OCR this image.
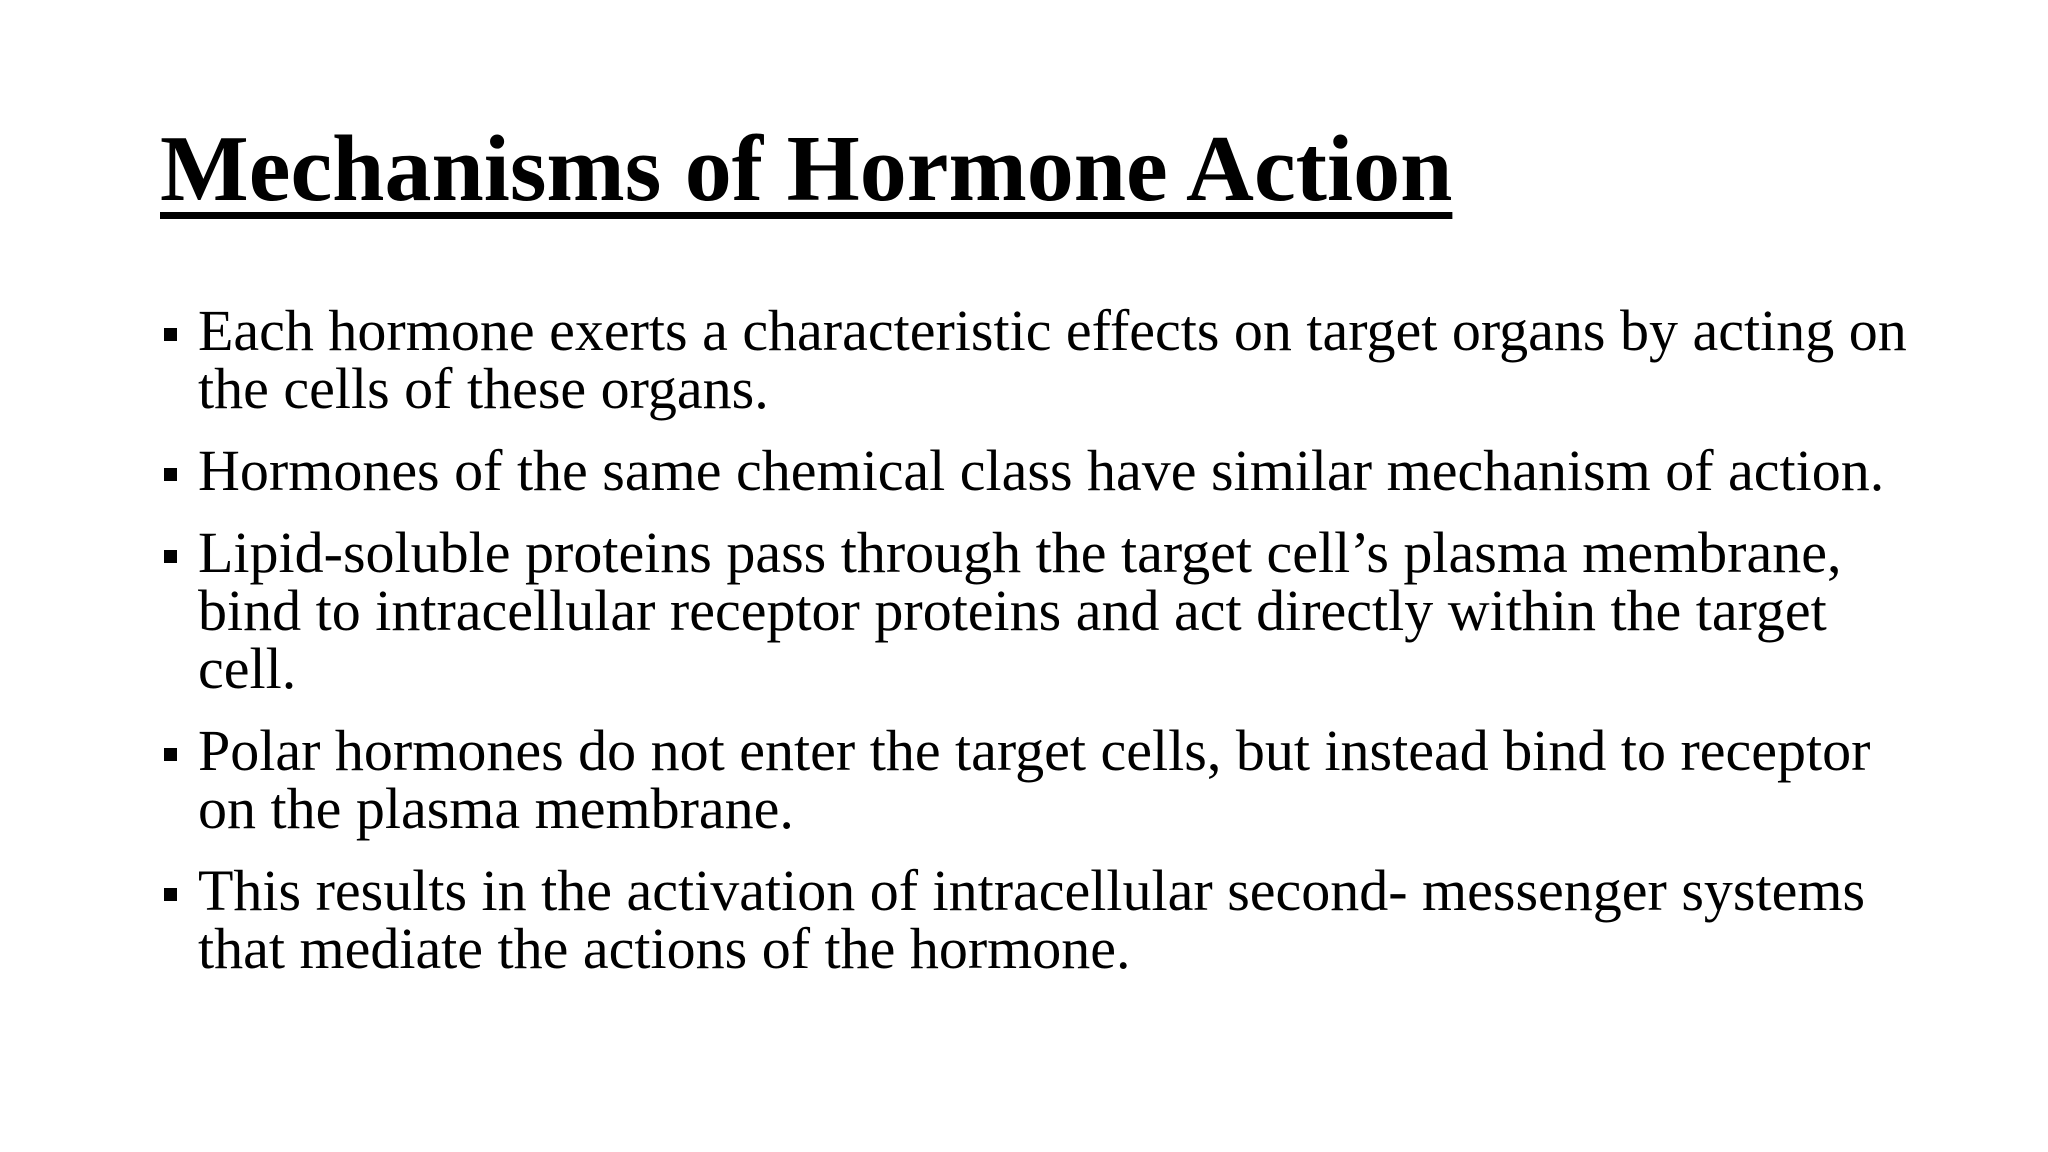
Mechanisms of Hormone Action
Each hormone exerts a characteristic effects on target organs by acting on the cells of these organs.
Hormones of the same chemical class have similar mechanism of action.
Lipid-soluble proteins pass through the target cell’s plasma membrane, bind to intracellular receptor proteins and act directly within the target cell.
Polar hormones do not enter the target cells, but instead bind to receptor on the plasma membrane.
This results in the activation of intracellular second- messenger systems that mediate the actions of the hormone.
